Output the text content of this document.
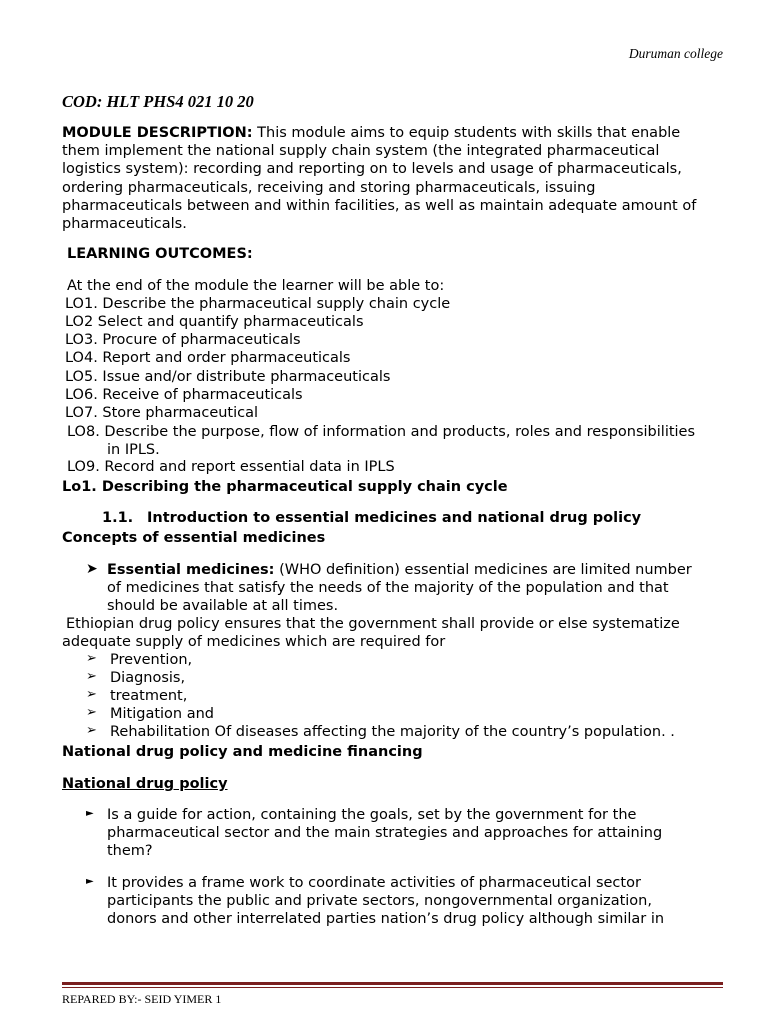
Duruman college
COD: HLT PHS4 021 10 20
MODULE DESCRIPTION: This module aims to equip students with skills that enable
them implement the national supply chain system (the integrated pharmaceutical
logistics system): recording and reporting on to levels and usage of pharmaceuticals,
ordering pharmaceuticals, receiving and storing pharmaceuticals, issuing
pharmaceuticals between and within facilities, as well as maintain adequate amount of
pharmaceuticals.
LEARNING OUTCOMES:
At the end of the module the learner will be able to:
LO1. Describe the pharmaceutical supply chain cycle
LO2 Select and quantify pharmaceuticals
LO3. Procure of pharmaceuticals
LO4. Report and order pharmaceuticals
LO5. Issue and/or distribute pharmaceuticals
LO6. Receive of pharmaceuticals
LO7. Store pharmaceutical
LO8. Describe the purpose, flow of information and products, roles and responsibilities
in IPLS.
LO9. Record and report essential data in IPLS
Lo1. Describing the pharmaceutical supply chain cycle
1.1. Introduction to essential medicines and national drug policy
Concepts of essential medicines
➤ Essential medicines: (WHO definition) essential medicines are limited number
of medicines that satisfy the needs of the majority of the population and that
should be available at all times.
Ethiopian drug policy ensures that the government shall provide or else systematize
adequate supply of medicines which are required for
➢ Prevention,
➢ Diagnosis,
➢ treatment,
➢ Mitigation and
➢ Rehabilitation Of diseases affecting the majority of the country’s population. .
National drug policy and medicine financing
National drug policy
► Is a guide for action, containing the goals, set by the government for the
pharmaceutical sector and the main strategies and approaches for attaining
them?
► It provides a frame work to coordinate activities of pharmaceutical sector
participants the public and private sectors, nongovernmental organization,
donors and other interrelated parties nation’s drug policy although similar in
REPARED BY:- SEID YIMER 1
